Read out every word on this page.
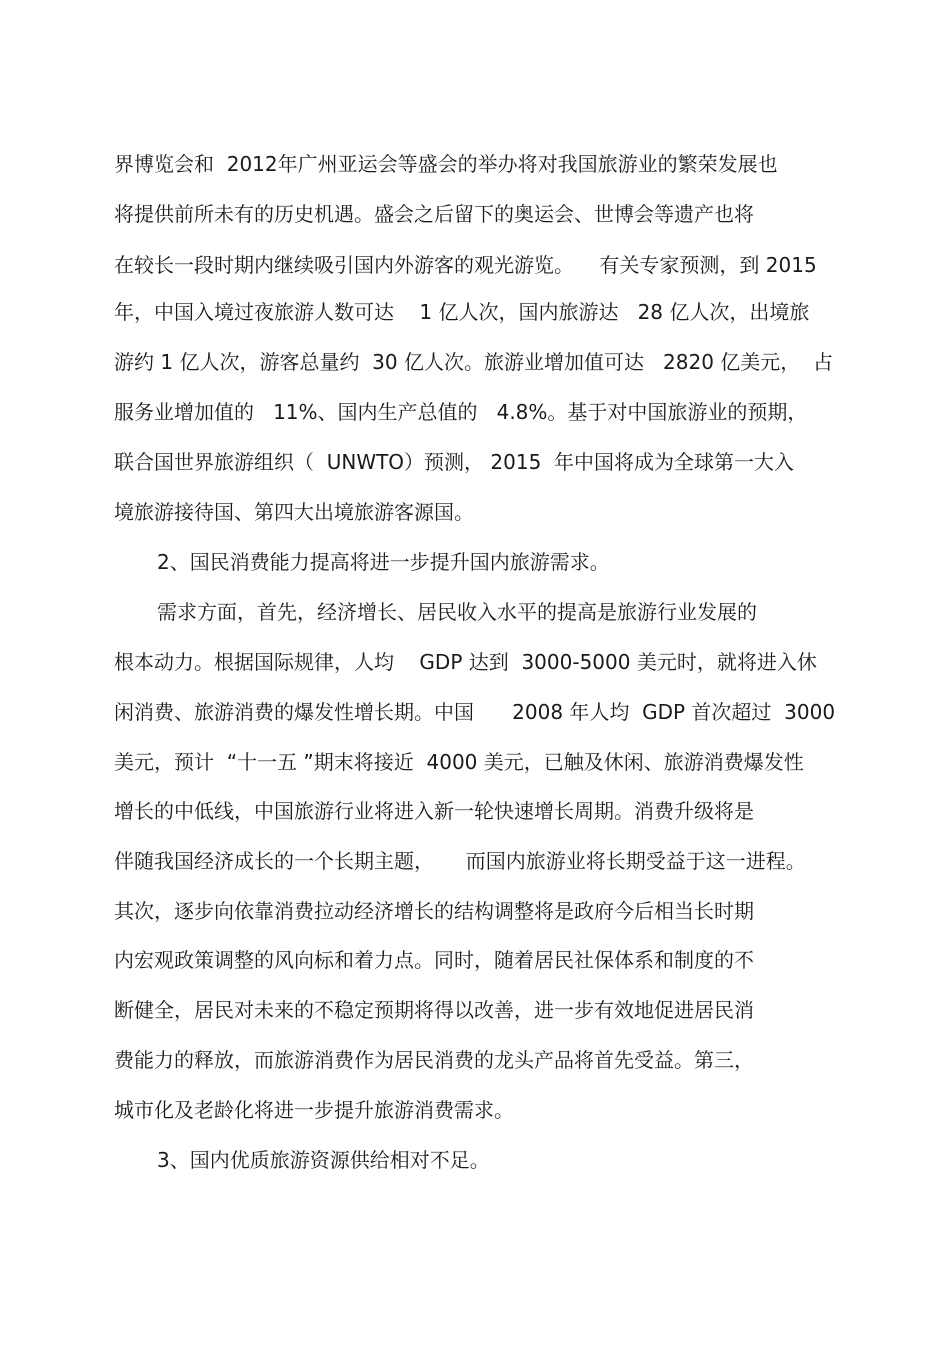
界博览会和  2012年广州亚运会等盛会的举办将对我国旅游业的繁荣发展也

将提供前所未有的历史机遇。盛会之后留下的奥运会、世博会等遗产也将

在较长一段时期内继续吸引国内外游客的观光游览。    有关专家预测，到 2015

年，中国入境过夜旅游人数可达    1 亿人次，国内旅游达   28 亿人次，出境旅

游约 1 亿人次，游客总量约  30 亿人次。旅游业增加值可达   2820 亿美元，  占

服务业增加值的   11%、国内生产总值的   4.8%。基于对中国旅游业的预期，

联合国世界旅游组织（  UNWTO）预测， 2015  年中国将成为全球第一大入

境旅游接待国、第四大出境旅游客源国。

2、国民消费能力提高将进一步提升国内旅游需求。

需求方面，首先，经济增长、居民收入水平的提高是旅游行业发展的

根本动力。根据国际规律，人均    GDP 达到  3000-5000 美元时，就将进入休

闲消费、旅游消费的爆发性增长期。中国      2008 年人均  GDP 首次超过  3000

美元，预计  “十一五 ”期末将接近  4000 美元，已触及休闲、旅游消费爆发性

增长的中低线，中国旅游行业将进入新一轮快速增长周期。消费升级将是

伴随我国经济成长的一个长期主题，     而国内旅游业将长期受益于这一进程。

其次，逐步向依靠消费拉动经济增长的结构调整将是政府今后相当长时期

内宏观政策调整的风向标和着力点。同时，随着居民社保体系和制度的不

断健全，居民对未来的不稳定预期将得以改善，进一步有效地促进居民消

费能力的释放，而旅游消费作为居民消费的龙头产品将首先受益。第三，

城市化及老龄化将进一步提升旅游消费需求。

3、国内优质旅游资源供给相对不足。
